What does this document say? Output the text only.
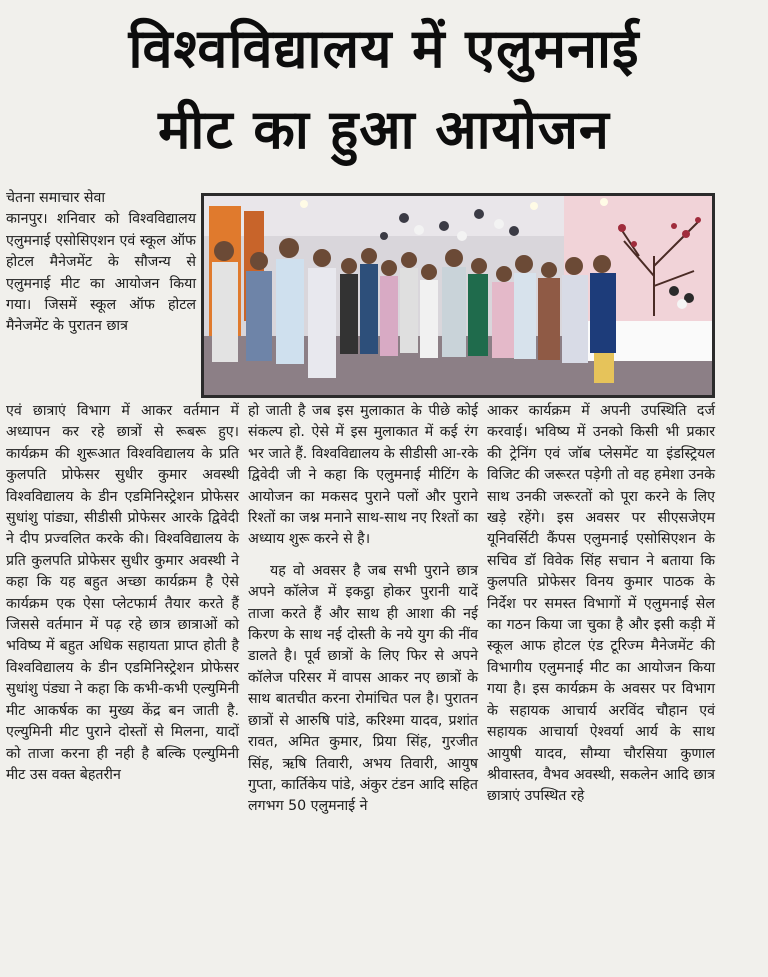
विश्वविद्यालय में एलुमनाई
मीट का हुआ आयोजन
चेतना समाचार सेवा

कानपुर। शनिवार को विश्वविद्यालय एलुमनाई एसोसिएशन एवं स्कूल ऑफ होटल मैनेजमेंट के सौजन्य से एलुमनाई मीट का आयोजन किया गया। जिसमें स्कूल ऑफ होटल मैनेजमेंट के पुरातन छात्र

एवं छात्राएं विभाग में आकर वर्तमान में अध्यापन कर रहे छात्रों से रूबरू हुए। कार्यक्रम की शुरूआत विश्वविद्यालय के प्रति कुलपति प्रोफेसर सुधीर कुमार अवस्थी विश्वविद्यालय के डीन एडमिनिस्ट्रेशन प्रोफेसर सुधांशु पांड्या, सीडीसी प्रोफेसर आरके द्विवेदी ने दीप प्रज्वलित करके की। विश्वविद्यालय के प्रति कुलपति प्रोफेसर सुधीर कुमार अवस्थी ने कहा कि यह बहुत अच्छा कार्यक्रम है ऐसे कार्यक्रम एक ऐसा प्लेटफार्म तैयार करते हैं जिससे वर्तमान में पढ़ रहे छात्र छात्राओं को भविष्य में बहुत अधिक सहायता प्राप्त होती है विश्वविद्यालय के डीन एडमिनिस्ट्रेशन प्रोफेसर सुधांशु पंड्या ने कहा कि कभी-कभी एल्युमिनी मीट आकर्षक का मुख्य केंद्र बन जाती है. एल्युमिनी मीट पुराने दोस्तों से मिलना, यादों को ताजा करना ही नही है बल्कि एल्युमिनी मीट उस वक्त बेहतरीन

हो जाती है जब इस मुलाकात के पीछे कोई संकल्प हो. ऐसे में इस मुलाकात में कई रंग भर जाते हैं. विश्वविद्यालय के सीडीसी आ-रके द्विवेदी जी ने कहा कि एलुमनाई मीटिंग के आयोजन का मकसद पुराने पलों और पुराने रिश्तों का जश्न मनाने साथ-साथ नए रिश्तों का अध्याय शुरू करने से है।

यह वो अवसर है जब सभी पुराने छात्र अपने कॉलेज में इकट्ठा होकर पुरानी यादें ताजा करते हैं और साथ ही आशा की नई किरण के साथ नई दोस्ती के नये युग की नींव डालते है। पूर्व छात्रों के लिए फिर से अपने कॉलेज परिसर में वापस आकर नए छात्रों के साथ बातचीत करना रोमांचित पल है। पुरातन छात्रों से आरुषि पांडे, करिश्मा यादव, प्रशांत रावत, अमित कुमार, प्रिया सिंह, गुरजीत सिंह, ऋषि तिवारी, अभय तिवारी, आयुष गुप्ता, कार्तिकेय पांडे, अंकुर टंडन आदि सहित लगभग 50 एलुमनाई ने

आकर कार्यक्रम में अपनी उपस्थिति दर्ज करवाई। भविष्य में उनको किसी भी प्रकार की ट्रेनिंग एवं जॉब प्लेसमेंट या इंडस्ट्रियल विजिट की जरूरत पड़ेगी तो वह हमेशा उनके साथ उनकी जरूरतों को पूरा करने के लिए खड़े रहेंगे। इस अवसर पर सीएसजेएम यूनिवर्सिटी कैंपस एलुमनाई एसोसिएशन के सचिव डॉ विवेक सिंह सचान ने बताया कि कुलपति प्रोफेसर विनय कुमार पाठक के निर्देश पर समस्त विभागों में एलुमनाई सेल का गठन किया जा चुका है और इसी कड़ी में स्कूल आफ होटल एंड टूरिज्म मैनेजमेंट की विभागीय एलुमनाई मीट का आयोजन किया गया है। इस कार्यक्रम के अवसर पर विभाग के सहायक आचार्य अरविंद चौहान एवं सहायक आचार्या ऐश्वर्या आर्य के साथ आयुषी यादव, सौम्या चौरसिया कुणाल श्रीवास्तव, वैभव अवस्थी, सकलेन आदि छात्र छात्राएं उपस्थित रहे
